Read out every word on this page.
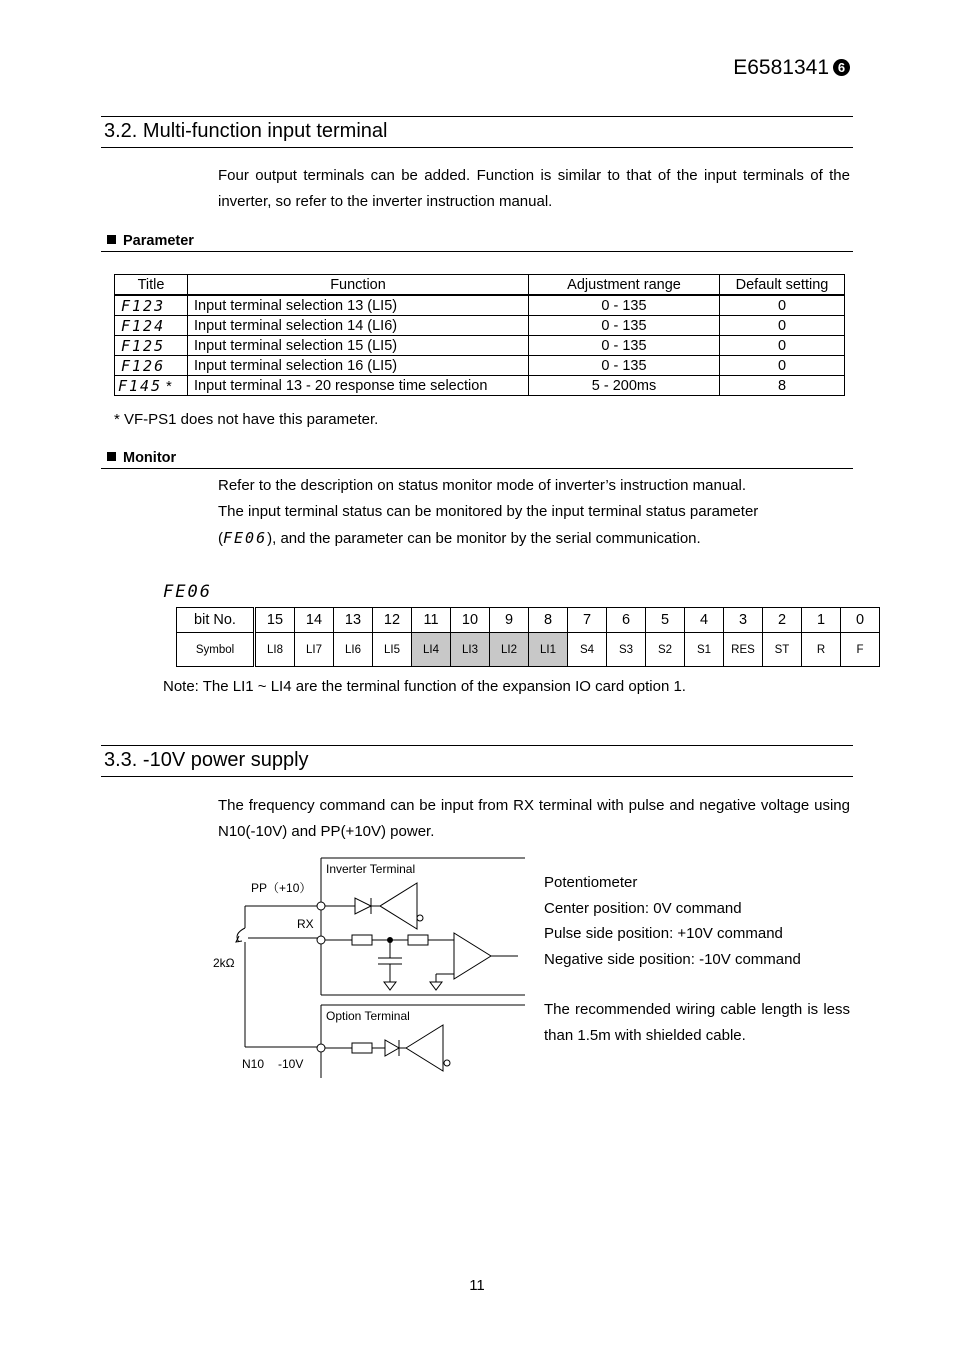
E6581341 6
3.2. Multi-function input terminal
Four output terminals can be added. Function is similar to that of the input terminals of the inverter, so refer to the inverter instruction manual.
Parameter
Title	Function	Adjustment range	Default setting
F123	Input terminal selection 13 (LI5)	0 - 135	0
F124	Input terminal selection 14 (LI6)	0 - 135	0
F125	Input terminal selection 15 (LI5)	0 - 135	0
F126	Input terminal selection 16 (LI5)	0 - 135	0
F145 *	Input terminal 13 - 20 response time selection	5 - 200ms	8
* VF-PS1 does not have this parameter.
Monitor
Refer to the description on status monitor mode of inverter’s instruction manual.
The input terminal status can be monitored by the input terminal status parameter
(FE06), and the parameter can be monitor by the serial communication.
FE06
bit No.	15	14	13	12	11	10	9	8	7	6	5	4	3	2	1	0
Symbol	LI8	LI7	LI6	LI5	LI4	LI3	LI2	LI1	S4	S3	S2	S1	RES	ST	R	F
Note: The LI1 ~ LI4 are the terminal function of the expansion IO card option 1.
3.3. -10V power supply
The frequency command can be input from RX terminal with pulse and negative voltage using N10(-10V) and PP(+10V) power.
Inverter Terminal
Option Terminal
PP（+10）
RX
2kΩ
N10 -10V
Potentiometer
Center position: 0V command
Pulse side position: +10V command
Negative side position: -10V command
The recommended wiring cable length is less than 1.5m with shielded cable.
11
